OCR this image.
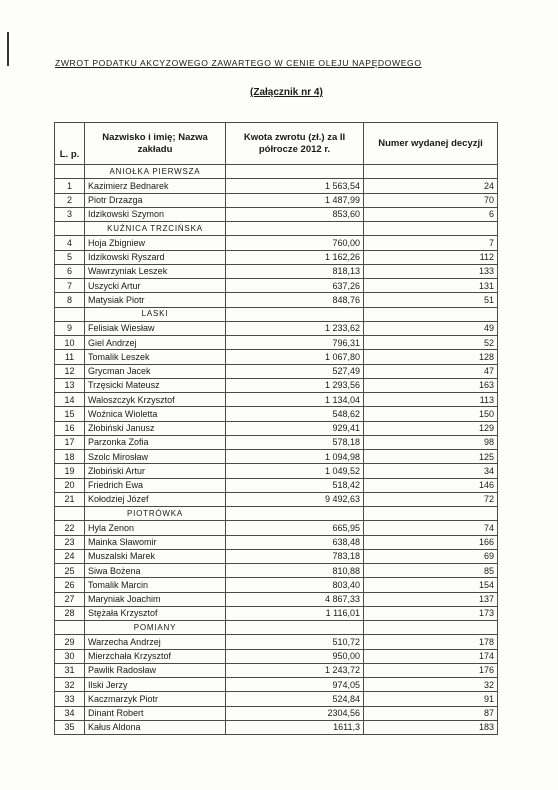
ZWROT PODATKU AKCYZOWEGO ZAWARTEGO W CENIE OLEJU NAPĘDOWEGO
(Załącznik nr 4)
L. p.	Nazwisko i imię; Nazwa zakładu	Kwota zwrotu (zł.) za II półrocze 2012 r.	Numer wydanej decyzji
	ANIOŁKA PIERWSZA		
1	Kazimierz Bednarek	1 563,54	24
2	Piotr Drzazga	1 487,99	70
3	Idzikowski Szymon	853,60	6
	KUŹNICA TRZCIŃSKA		
4	Hoja Zbigniew	760,00	7
5	Idzikowski Ryszard	1 162,26	112
6	Wawrzyniak Leszek	818,13	133
7	Uszycki Artur	637,26	131
8	Matysiak Piotr	848,76	51
	LASKI		
9	Felisiak Wiesław	1 233,62	49
10	Giel Andrzej	796,31	52
11	Tomalik Leszek	1 067,80	128
12	Grycman Jacek	527,49	47
13	Trzęsicki Mateusz	1 293,56	163
14	Waloszczyk Krzysztof	1 134,04	113
15	Woźnica Wioletta	548,62	150
16	Złobiński Janusz	929,41	129
17	Parzonka Zofia	578,18	98
18	Szolc Mirosław	1 094,98	125
19	Złobiński Artur	1 049,52	34
20	Friedrich Ewa	518,42	146
21	Kołodziej Józef	9 492,63	72
	PIOTRÓWKA		
22	Hyla Zenon	665,95	74
23	Mainka Sławomir	638,48	166
24	Muszalski Marek	783,18	69
25	Siwa Bożena	810,88	85
26	Tomalik Marcin	803,40	154
27	Maryniak Joachim	4 867,33	137
28	Stężała Krzysztof	1 116,01	173
	POMIANY		
29	Warzecha Andrzej	510,72	178
30	Mierzchała Krzysztof	950,00	174
31	Pawlik Radosław	1 243,72	176
32	Ilski Jerzy	974,05	32
33	Kaczmarzyk Piotr	524,84	91
34	Dinant Robert	2304,56	87
35	Kałus Aldona	1611,3	183
